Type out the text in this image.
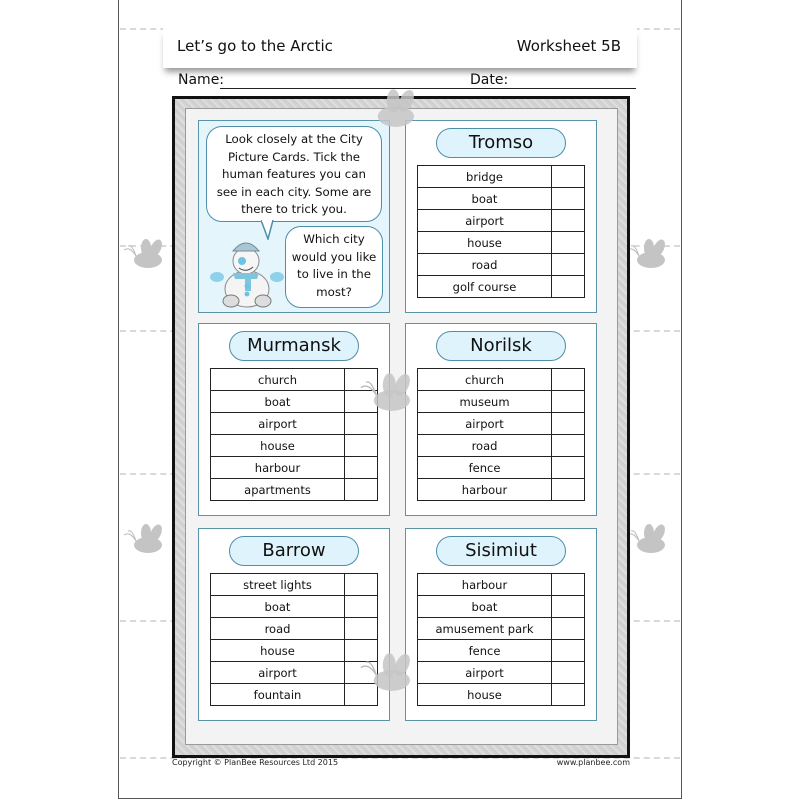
Let’s go to the Arctic	Worksheet 5B
Name:	Date:
Look closely at the City Picture Cards. Tick the human features you can see in each city. Some are there to trick you.
Which city would you like to live in the most?
Tromso
bridge	
boat	
airport	
house	
road	
golf course	
Murmansk
church	
boat	
airport	
house	
harbour	
apartments	
Norilsk
church	
museum	
airport	
road	
fence	
harbour	
Barrow
street lights	
boat	
road	
house	
airport	
fountain	
Sisimiut
harbour	
boat	
amusement park	
fence	
airport	
house	
Copyright © PlanBee Resources Ltd 2015	www.planbee.com
